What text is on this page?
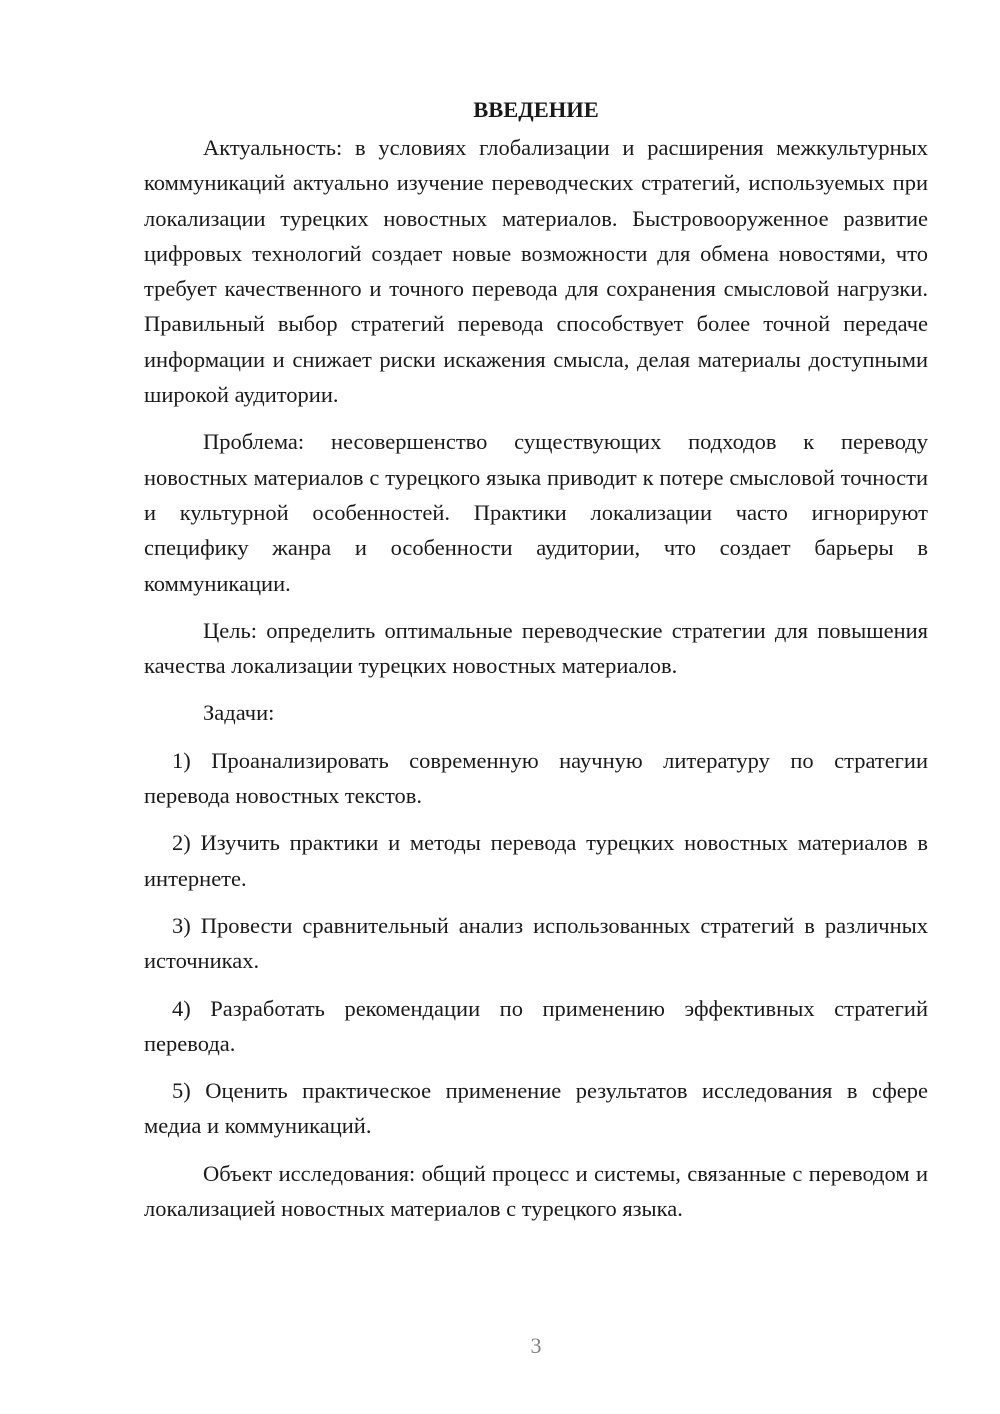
ВВЕДЕНИЕ

Актуальность: в условиях глобализации и расширения межкультурных коммуникаций актуально изучение переводческих стратегий, используемых при локализации турецких новостных материалов. Быстровооруженное развитие цифровых технологий создает новые возможности для обмена новостями, что требует качественного и точного перевода для сохранения смысловой нагрузки. Правильный выбор стратегий перевода способствует более точной передаче информации и снижает риски искажения смысла, делая материалы доступными широкой аудитории.

Проблема: несовершенство существующих подходов к переводу новостных материалов с турецкого языка приводит к потере смысловой точности и культурной особенностей. Практики локализации часто игнорируют специфику жанра и особенности аудитории, что создает барьеры в коммуникации.

Цель: определить оптимальные переводческие стратегии для повышения качества локализации турецких новостных материалов.

Задачи:

1) Проанализировать современную научную литературу по стратегии перевода новостных текстов.

2) Изучить практики и методы перевода турецких новостных материалов в интернете.

3) Провести сравнительный анализ использованных стратегий в различных источниках.

4) Разработать рекомендации по применению эффективных стратегий перевода.

5) Оценить практическое применение результатов исследования в сфере медиа и коммуникаций.

Объект исследования: общий процесс и системы, связанные с переводом и локализацией новостных материалов с турецкого языка.

3
